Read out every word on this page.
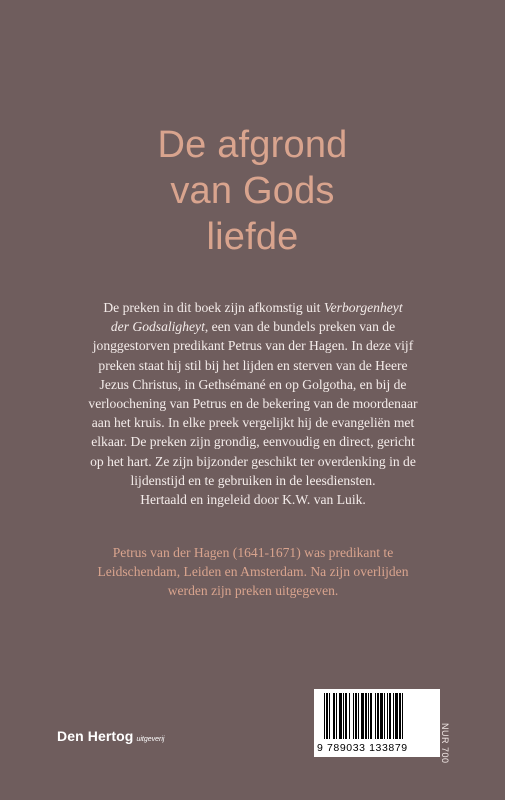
De afgrond
van Gods
liefde
De preken in dit boek zijn afkomstig uit Verborgenheyt
der Godsaligheyt, een van de bundels preken van de
jonggestorven predikant Petrus van der Hagen. In deze vijf
preken staat hij stil bij het lijden en sterven van de Heere
Jezus Christus, in Gethsémané en op Golgotha, en bij de
verloochening van Petrus en de bekering van de moordenaar
aan het kruis. In elke preek vergelijkt hij de evangeliën met
elkaar. De preken zijn grondig, eenvoudig en direct, gericht
op het hart. Ze zijn bijzonder geschikt ter overdenking in de
lijdenstijd en te gebruiken in de leesdiensten.
Hertaald en ingeleid door K.W. van Luik.
Petrus van der Hagen (1641-1671) was predikant te
Leidschendam, Leiden en Amsterdam. Na zijn overlijden
werden zijn preken uitgegeven.
Den Hertog uitgeverij
9 789033 133879	NUR 700
